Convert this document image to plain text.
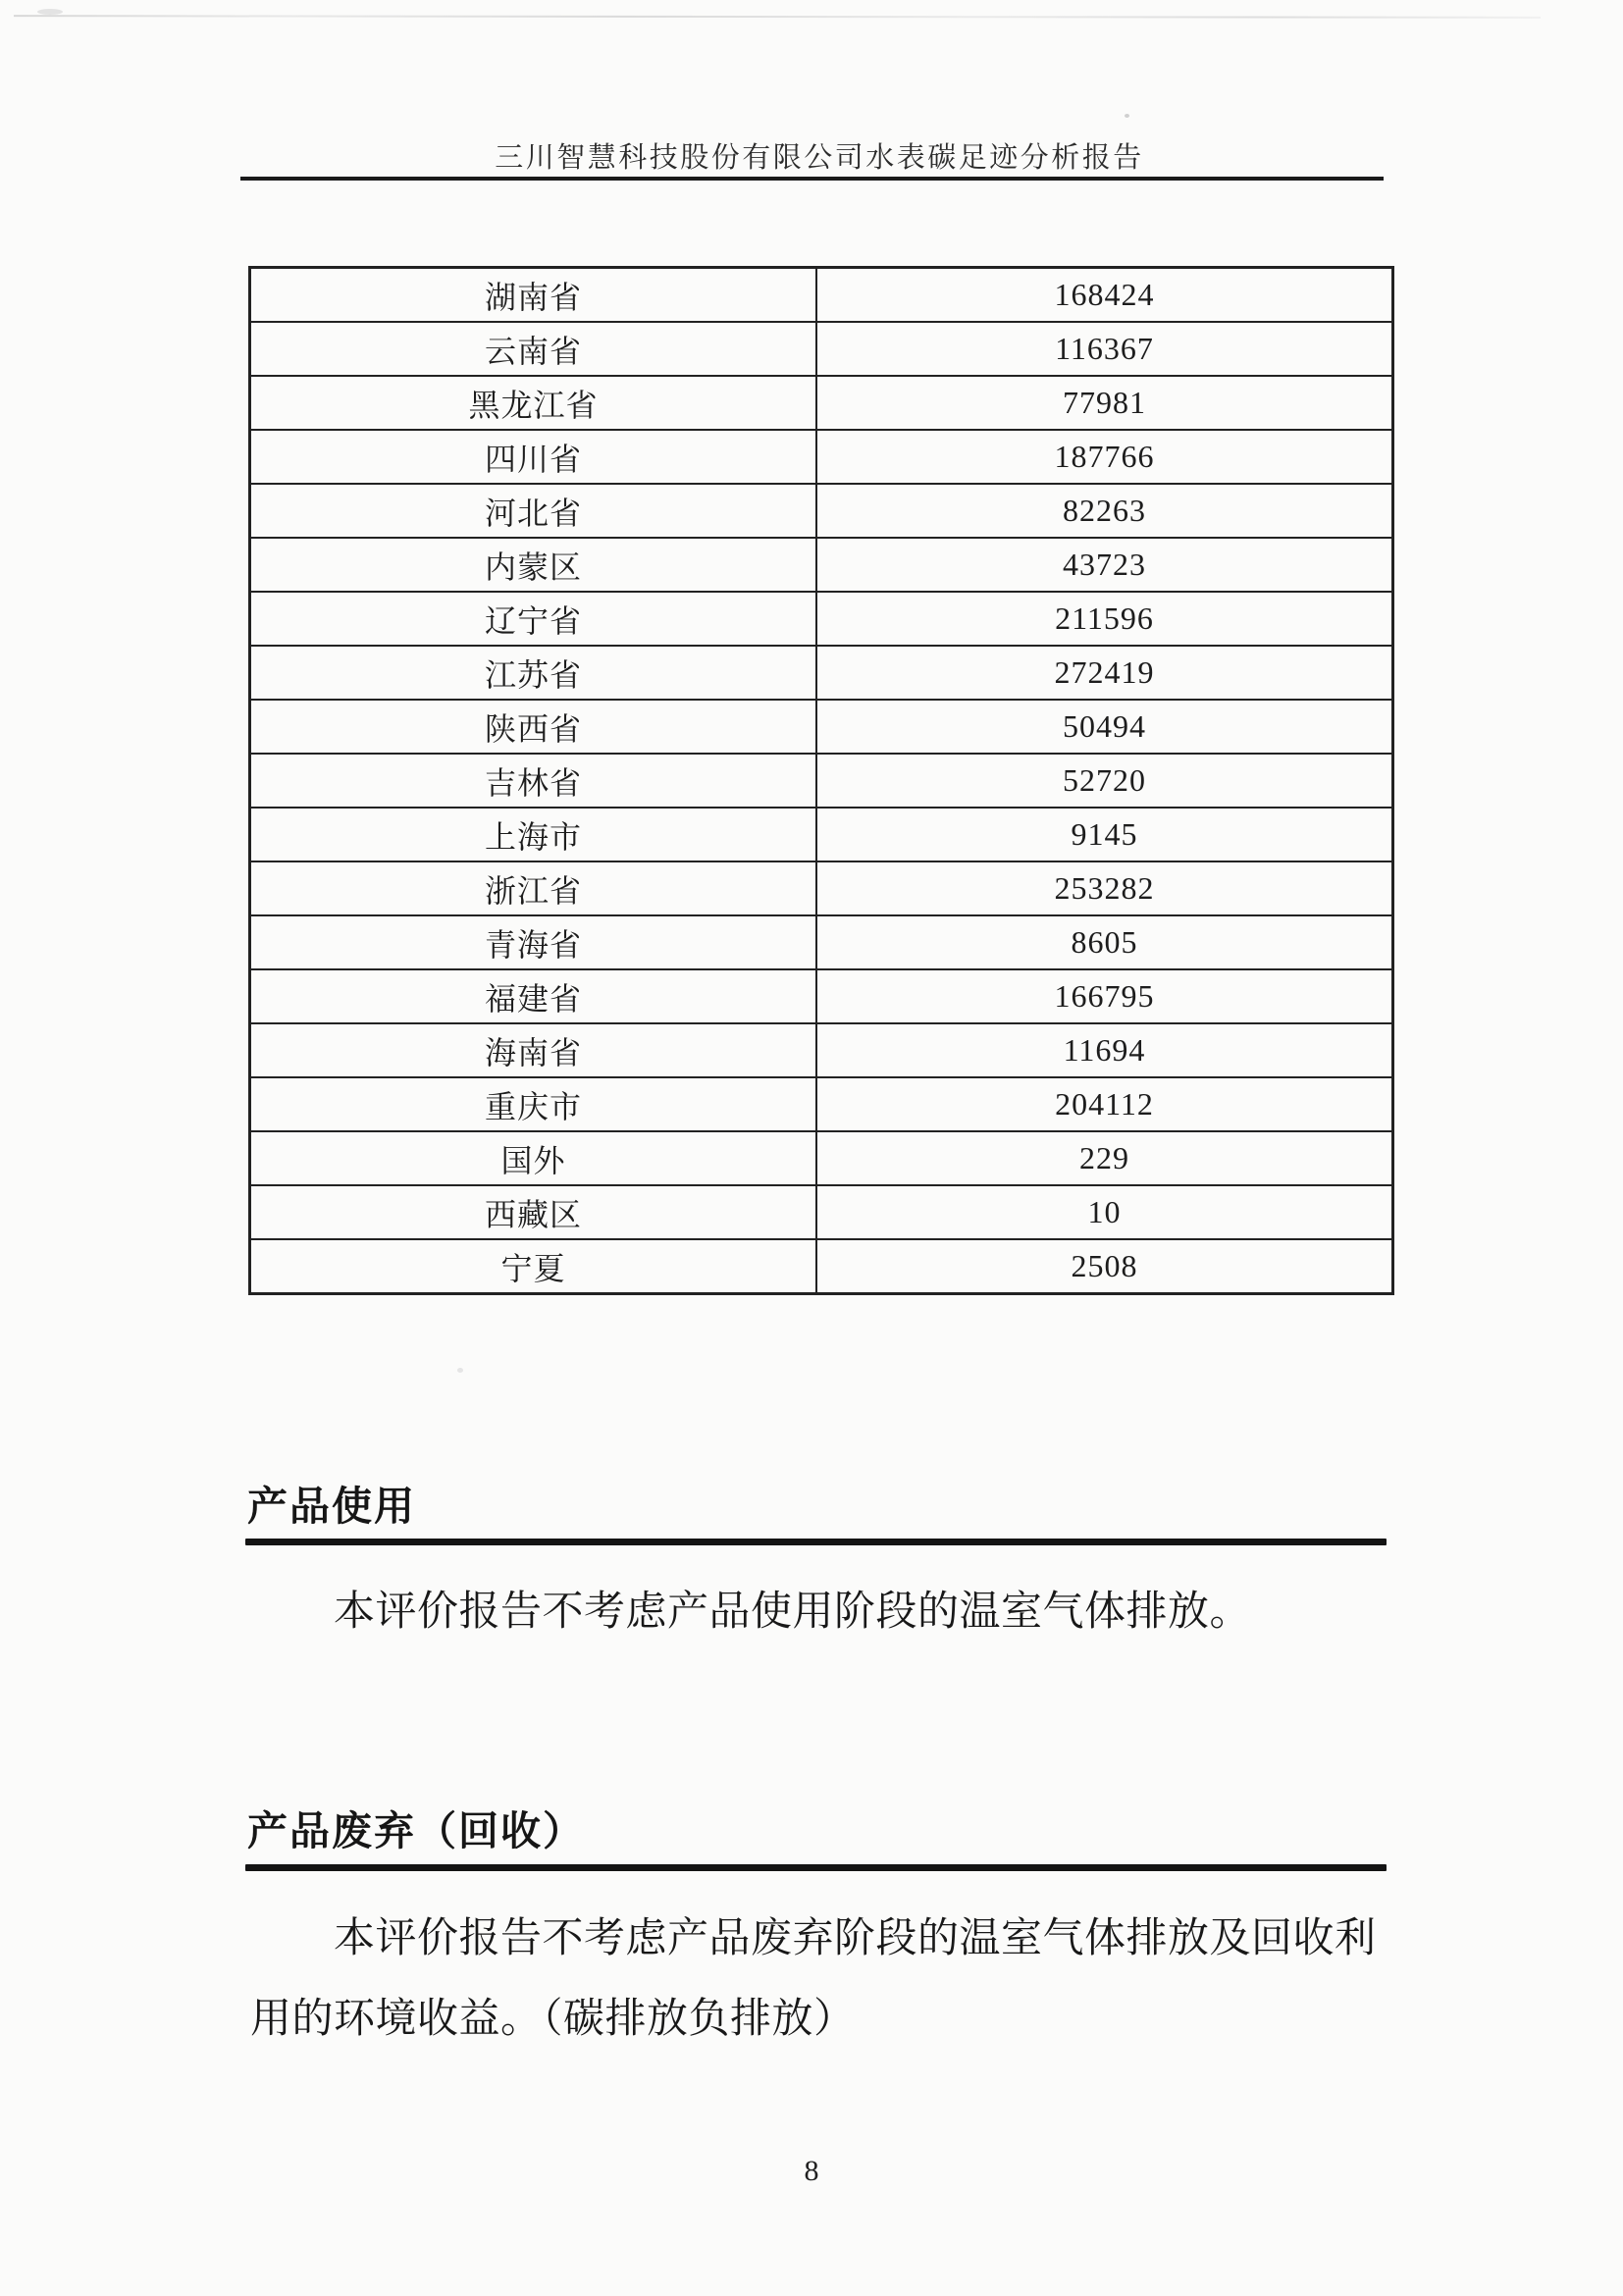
三川智慧科技股份有限公司水表碳足迹分析报告
湖南省	168424
云南省	116367
黑龙江省	77981
四川省	187766
河北省	82263
内蒙区	43723
辽宁省	211596
江苏省	272419
陕西省	50494
吉林省	52720
上海市	9145
浙江省	253282
青海省	8605
福建省	166795
海南省	11694
重庆市	204112
国外	229
西藏区	10
宁夏	2508
产品使用
本评价报告不考虑产品使用阶段的温室气体排放。
产品废弃（回收）
本评价报告不考虑产品废弃阶段的温室气体排放及回收利
用的环境收益。（碳排放负排放）
8
